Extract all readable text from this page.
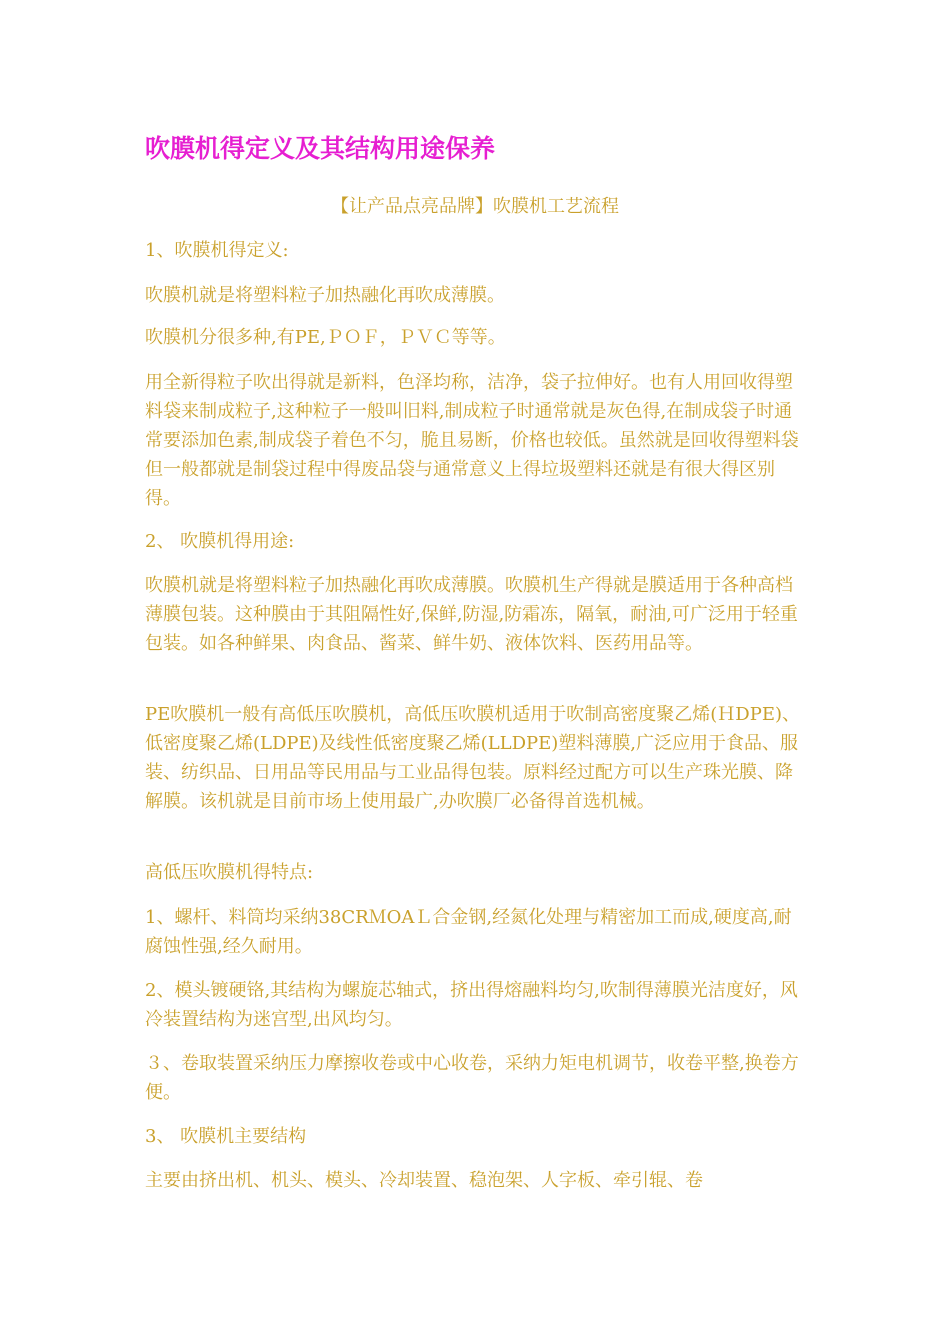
吹膜机得定义及其结构用途保养
【让产品点亮品牌】吹膜机工艺流程

1、吹膜机得定义:

吹膜机就是将塑料粒子加热融化再吹成薄膜。

吹膜机分很多种,有PE,ＰＯＦ，ＰＶＣ等等。

用全新得粒子吹出得就是新料，色泽均称，洁净，袋子拉伸好。也有人用回收得塑料袋来制成粒子,这种粒子一般叫旧料,制成粒子时通常就是灰色得,在制成袋子时通常要添加色素,制成袋子着色不匀，脆且易断，价格也较低。虽然就是回收得塑料袋但一般都就是制袋过程中得废品袋与通常意义上得垃圾塑料还就是有很大得区别得。

2、 吹膜机得用途:

吹膜机就是将塑料粒子加热融化再吹成薄膜。吹膜机生产得就是膜适用于各种高档薄膜包装。这种膜由于其阻隔性好,保鲜,防湿,防霜冻，隔氧，耐油,可广泛用于轻重包装。如各种鲜果、肉食品、酱菜、鲜牛奶、液体饮料、医药用品等。

PE吹膜机一般有高低压吹膜机，高低压吹膜机适用于吹制高密度聚乙烯(ＨDPE)、低密度聚乙烯(LDPE)及线性低密度聚乙烯(LLDPE)塑料薄膜,广泛应用于食品、服装、纺织品、日用品等民用品与工业品得包装。原料经过配方可以生产珠光膜、降解膜。该机就是目前市场上使用最广,办吹膜厂必备得首选机械。

高低压吹膜机得特点:

1、螺杆、料筒均采纳38CRＭOAＬ合金钢,经氮化处理与精密加工而成,硬度高,耐腐蚀性强,经久耐用。

2、模头镀硬铬,其结构为螺旋芯轴式，挤出得熔融料均匀,吹制得薄膜光洁度好，风冷装置结构为迷宫型,出风均匀。

３、卷取装置采纳压力摩擦收卷或中心收卷，采纳力矩电机调节，收卷平整,换卷方便。

3、 吹膜机主要结构

主要由挤出机、机头、模头、冷却装置、稳泡架、人字板、牵引辊、卷
